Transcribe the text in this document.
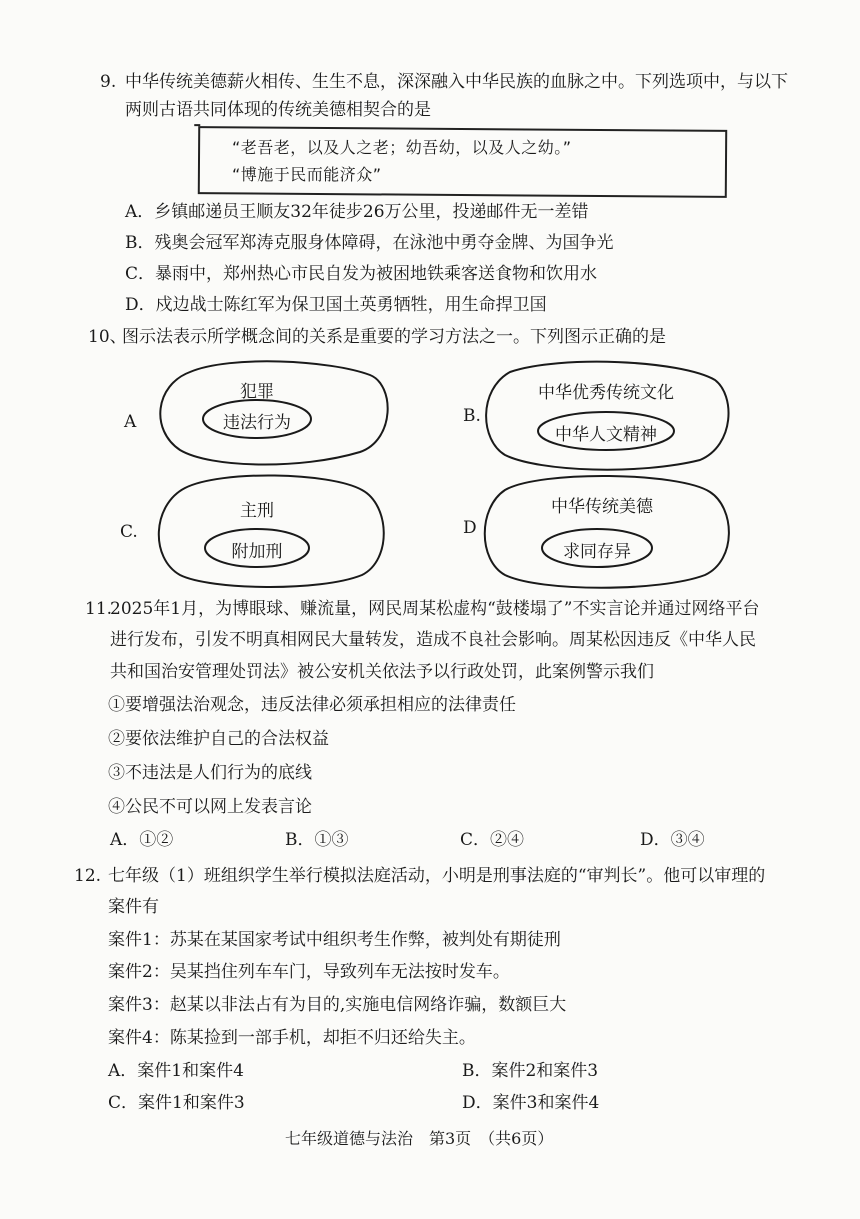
9. 中华传统美德薪火相传、生生不息，深深融入中华民族的血脉之中。下列选项中，与以下
两则古语共同体现的传统美德相契合的是
“老吾老，以及人之老；幼吾幼，以及人之幼。”
“博施于民而能济众”
A．乡镇邮递员王顺友32年徒步26万公里，投递邮件无一差错
B．残奥会冠军郑涛克服身体障碍，在泳池中勇夺金牌、为国争光
C．暴雨中，郑州热心市民自发为被困地铁乘客送食物和饮用水
D．戍边战士陈红军为保卫国土英勇牺牲，用生命捍卫国
10、
图示法表示所学概念间的关系是重要的学习方法之一。下列图示正确的是
A
犯罪
违法行为	B.
中华优秀传统文化
中华人文精神
C.
主刑
附加刑
D
中华传统美德
求同存异
11.
2025年1月，为博眼球、赚流量，网民周某松虚构“鼓楼塌了”不实言论并通过网络平台
进行发布，引发不明真相网民大量转发，造成不良社会影响。周某松因违反《中华人民
共和国治安管理处罚法》被公安机关依法予以行政处罚，此案例警示我们
①要增强法治观念，违反法律必须承担相应的法律责任
②要依法维护自己的合法权益
③不违法是人们行为的底线
④公民不可以网上发表言论
A．①②	B．①③	C．②④	D．③④
12. 七年级（1）班组织学生举行模拟法庭活动，小明是刑事法庭的“审判长”。他可以审理的
案件有
案件1：苏某在某国家考试中组织考生作弊，被判处有期徒刑
案件2：吴某挡住列车车门，导致列车无法按时发车。
案件3：赵某以非法占有为目的,实施电信网络诈骗，数额巨大
案件4：陈某捡到一部手机，却拒不归还给失主。
A．案件1和案件4	B．案件2和案件3
C．案件1和案件3	D．案件3和案件4
七年级道德与法治　第3页　（共6页）
